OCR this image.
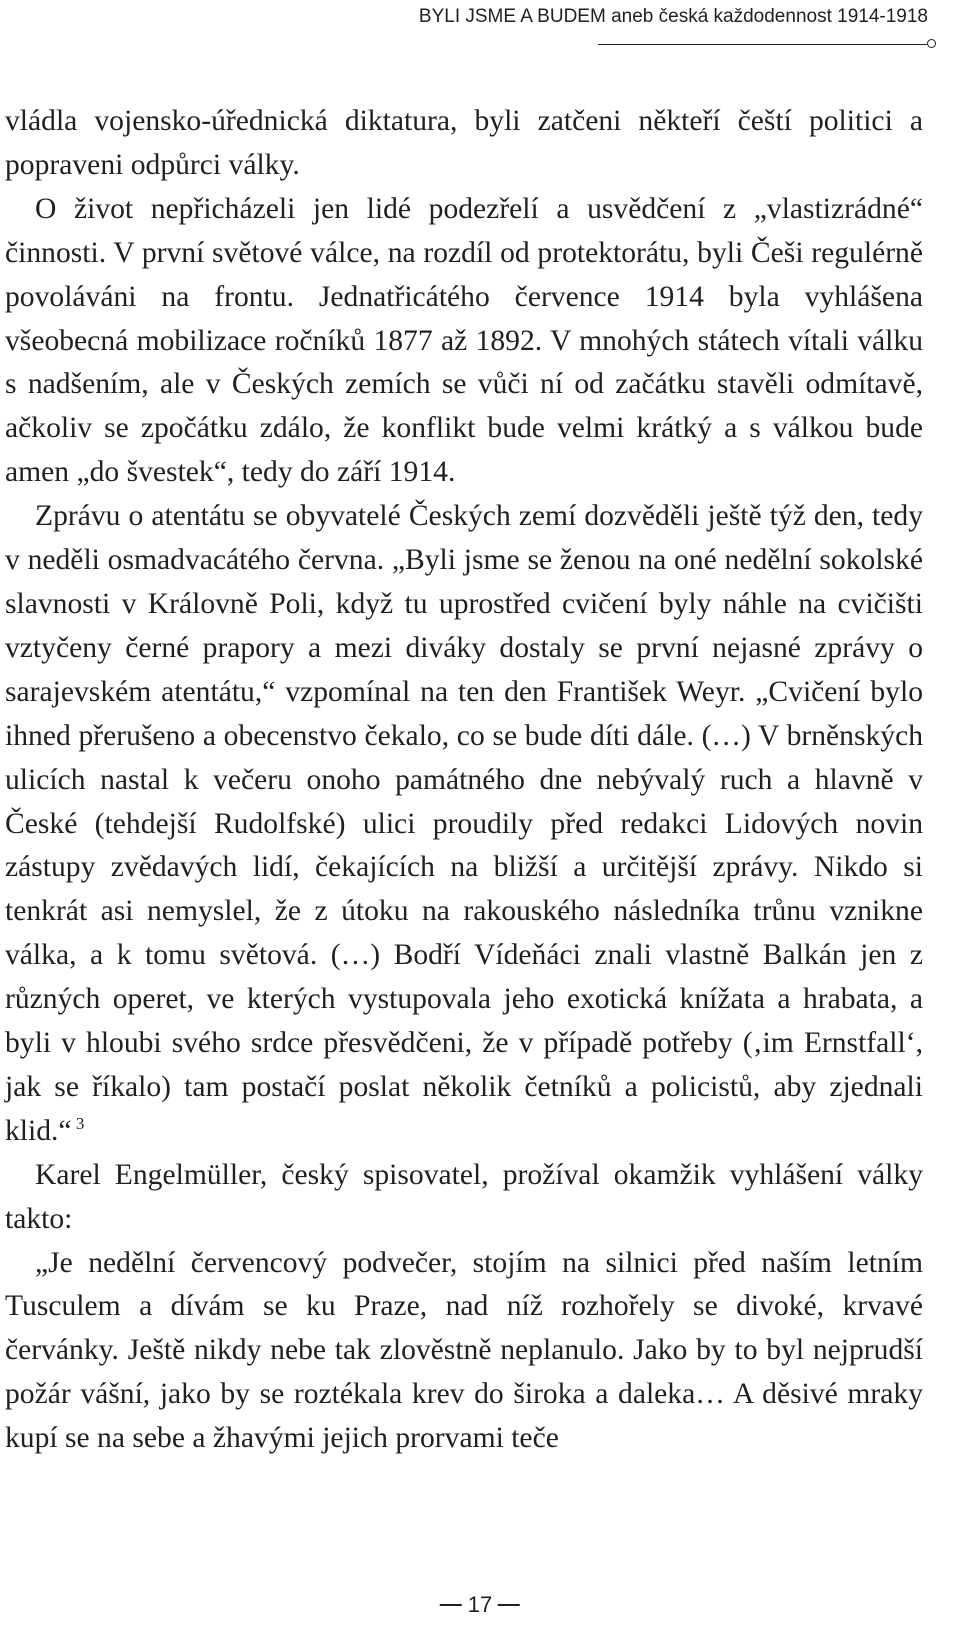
BYLI JSME A BUDEM aneb česká každodennost 1914-1918

vládla vojensko-úřednická diktatura, byli zatčeni někteří čeští politici a popraveni odpůrci války.

O život nepřicházeli jen lidé podezřelí a usvědčení z „vlastizrádné“ činnosti. V první světové válce, na rozdíl od protektorátu, byli Češi regulérně povoláváni na frontu. Jednatřicátého července 1914 byla vyhlášena všeobecná mobilizace ročníků 1877 až 1892. V mnohých státech vítali válku s nadšením, ale v Českých zemích se vůči ní od začátku stavěli odmítavě, ačkoliv se zpočátku zdálo, že konflikt bude velmi krátký a s válkou bude amen „do švestek“, tedy do září 1914.

Zprávu o atentátu se obyvatelé Českých zemí dozvěděli ještě týž den, tedy v neděli osmadvacátého června. „Byli jsme se ženou na oné nedělní sokolské slavnosti v Královně Poli, když tu uprostřed cvičení byly náhle na cvičišti vztyčeny černé prapory a mezi diváky dostaly se první nejasné zprávy o sarajevském atentátu,“ vzpomínal na ten den František Weyr. „Cvičení bylo ihned přerušeno a obecenstvo čekalo, co se bude díti dále. (…) V brněnských ulicích nastal k večeru onoho památného dne nebývalý ruch a hlavně v České (tehdejší Rudolfské) ulici proudily před redakci Lidových novin zástupy zvědavých lidí, čekajících na bližší a určitější zprávy. Nikdo si tenkrát asi nemyslel, že z útoku na rakouského následníka trůnu vznikne válka, a k tomu světová. (…) Bodří Vídeňáci znali vlastně Balkán jen z různých operet, ve kterých vystupovala jeho exotická knížata a hrabata, a byli v hloubi svého srdce přesvědčeni, že v případě potřeby (‚im Ernstfall‘, jak se říkalo) tam postačí poslat několik četníků a policistů, aby zjednali klid.“ $^3$

Karel Engelmüller, český spisovatel, prožíval okamžik vyhlášení války takto:

„Je nedělní červencový podvečer, stojím na silnici před naším letním Tusculem a dívám se ku Praze, nad níž rozhořely se divoké, krvavé červánky. Ještě nikdy nebe tak zlověstně neplanulo. Jako by to byl nejprudší požár vášní, jako by se roztékala krev do široka a daleka… A děsivé mraky kupí se na sebe a žhavými jejich prorvami teče

17
